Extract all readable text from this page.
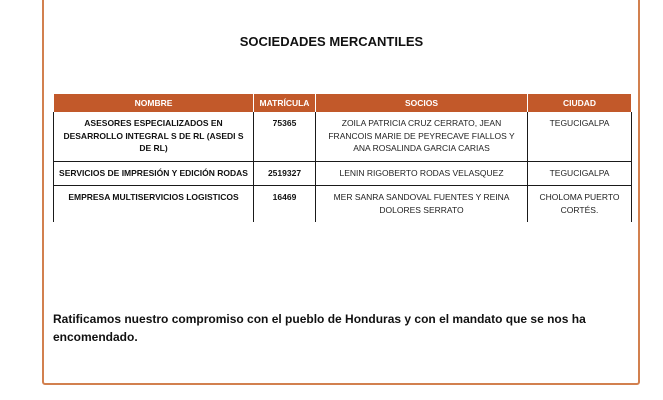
SOCIEDADES MERCANTILES
NOMBRE	MATRÍCULA	SOCIOS	CIUDAD
ASESORES ESPECIALIZADOS EN DESARROLLO INTEGRAL S DE RL (ASEDI S DE RL)	75365	ZOILA PATRICIA CRUZ CERRATO, JEAN FRANCOIS MARIE DE PEYRECAVE FIALLOS Y ANA ROSALINDA GARCIA CARIAS	TEGUCIGALPA
SERVICIOS DE IMPRESIÓN Y EDICIÓN RODAS	2519327	LENIN RIGOBERTO RODAS VELASQUEZ	TEGUCIGALPA
EMPRESA MULTISERVICIOS LOGISTICOS	16469	MER SANRA SANDOVAL FUENTES Y REINA DOLORES SERRATO	CHOLOMA PUERTO CORTÉS.

Ratificamos nuestro compromiso con el pueblo de Honduras y con el mandato que se nos ha encomendado.
